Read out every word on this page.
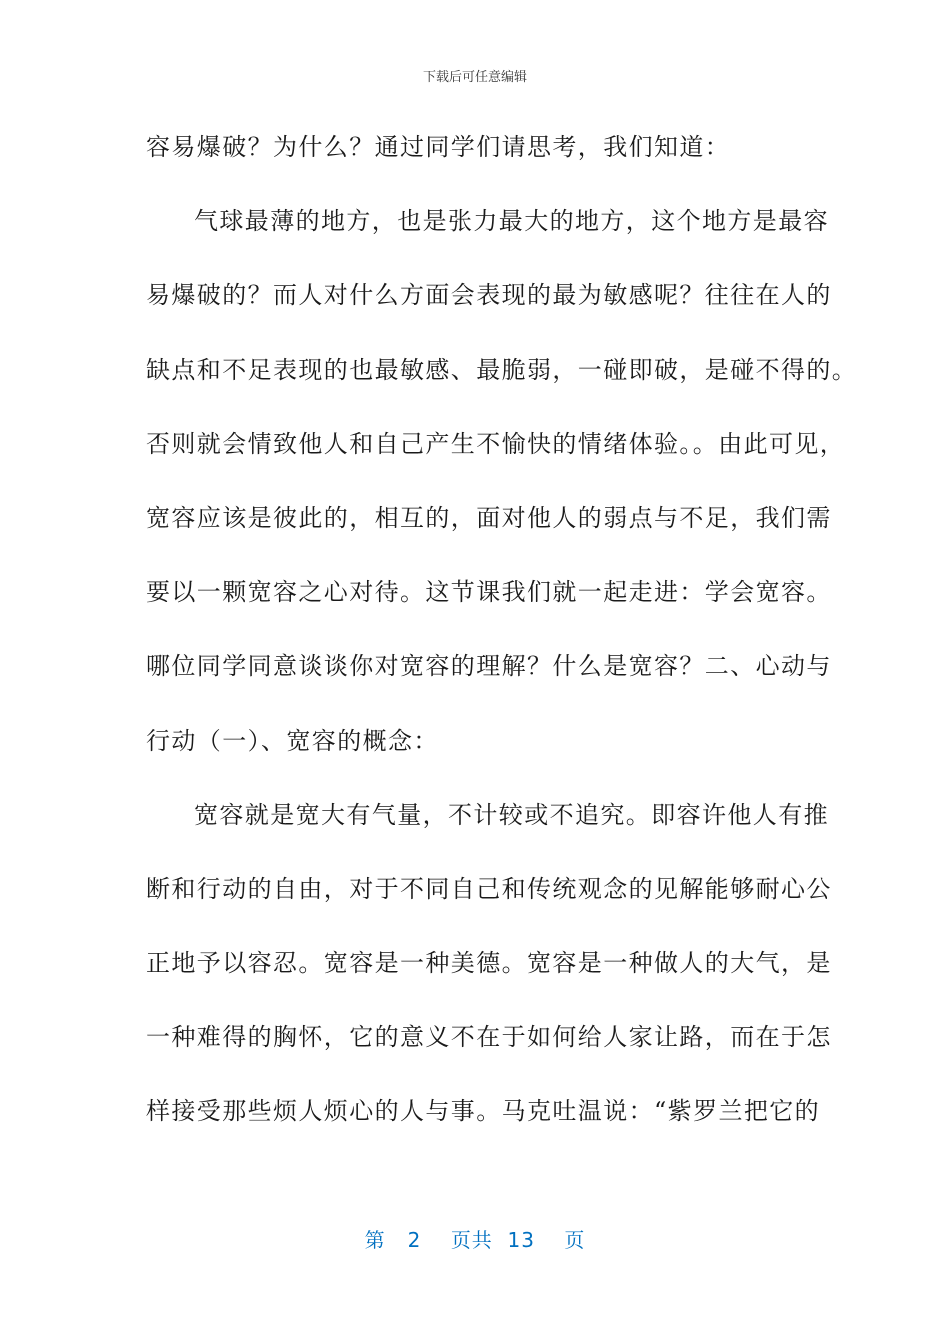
下载后可任意编辑
容易爆破？为什么？通过同学们请思考，我们知道：
气球最薄的地方，也是张力最大的地方，这个地方是最容
易爆破的？而人对什么方面会表现的最为敏感呢？往往在人的
缺点和不足表现的也最敏感、最脆弱，一碰即破，是碰不得的。
否则就会情致他人和自己产生不愉快的情绪体验。。由此可见，
宽容应该是彼此的，相互的，面对他人的弱点与不足，我们需
要以一颗宽容之心对待。这节课我们就一起走进：学会宽容。
哪位同学同意谈谈你对宽容的理解？什么是宽容？二、心动与
行动（一）、宽容的概念：
宽容就是宽大有气量，不计较或不追究。即容许他人有推
断和行动的自由，对于不同自己和传统观念的见解能够耐心公
正地予以容忍。宽容是一种美德。宽容是一种做人的大气，是
一种难得的胸怀，它的意义不在于如何给人家让路，而在于怎
样接受那些烦人烦心的人与事。马克吐温说：“紫罗兰把它的
第 2 页共 13 页
